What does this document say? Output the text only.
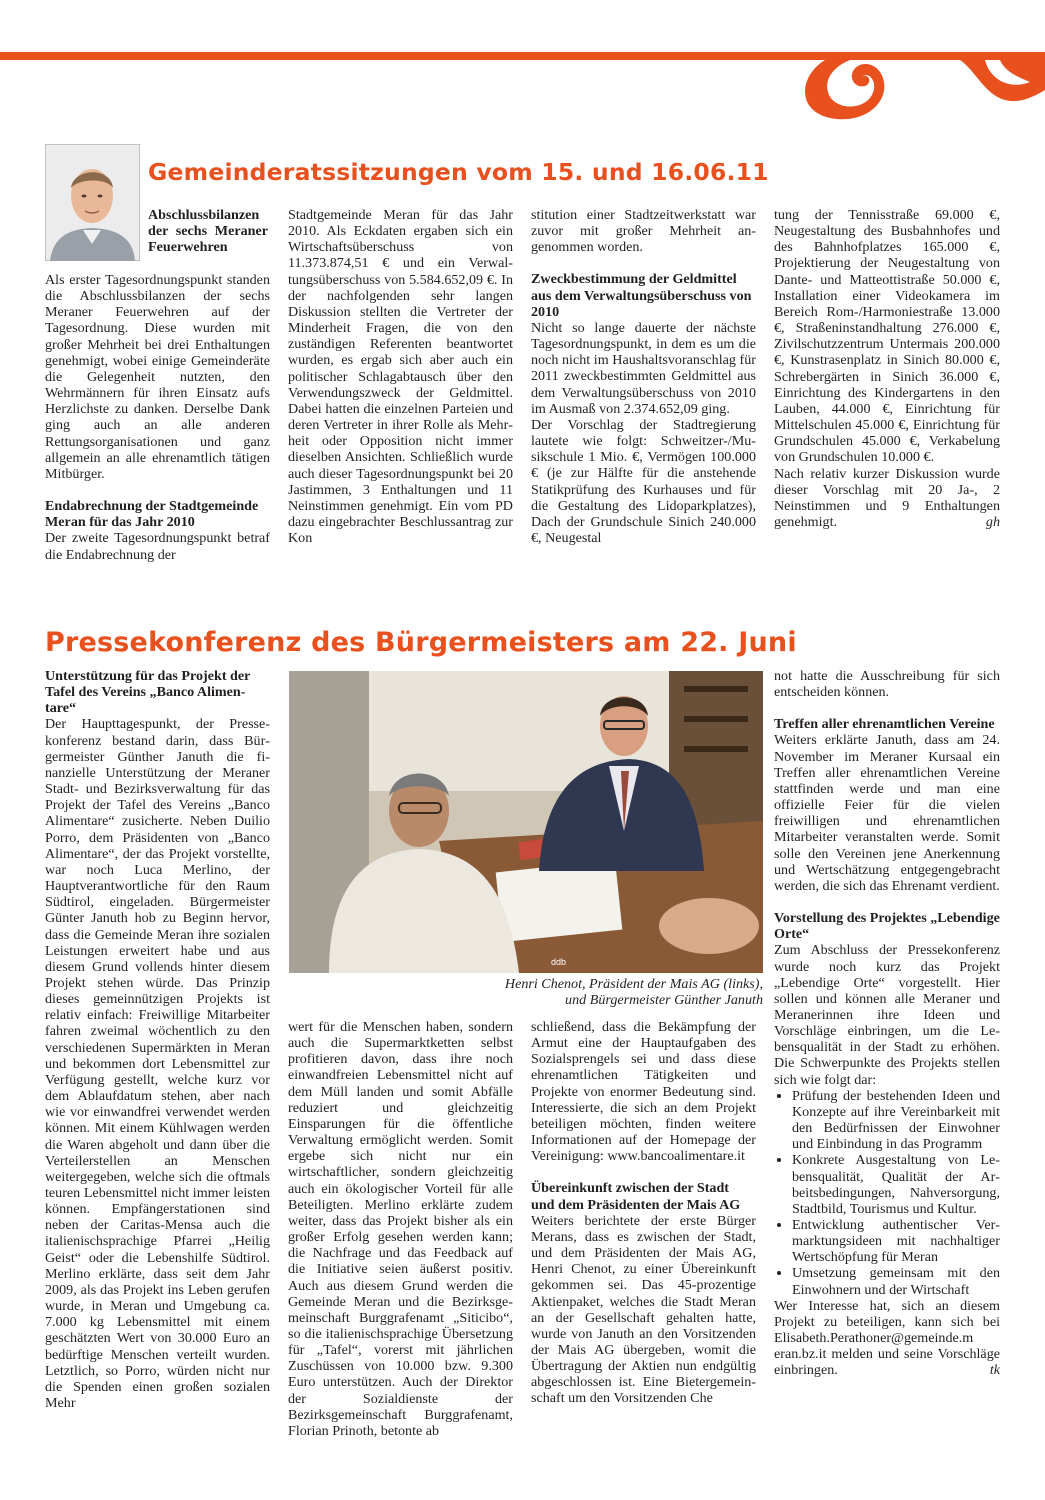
Gemeinderatssitzungen vom 15. und 16.06.11
Abschlussbilanzen der sechs Meraner Feuerwehren

Als erster Tagesordnungspunkt standen die Abschlussbilanzen der sechs Meraner Feuerwehren auf der Tagesordnung. Diese wurden mit großer Mehrheit bei drei Enthaltungen genehmigt, wobei einige Gemeinderäte die Gelegenheit nutzten, den Wehrmännern für ihren Einsatz aufs Herzlichste zu danken. Derselbe Dank ging auch an alle anderen Rettungsorganisationen und ganz allgemein an alle ehrenamtlich tätigen Mitbürger.

Endabrechnung der Stadtgemeinde Meran für das Jahr 2010

Der zweite Tagesordnungspunkt betraf die Endabrechnung der

Stadtgemeinde Meran für das Jahr 2010. Als Eckdaten ergaben sich ein Wirtschaftsüberschuss von 11.373.874,51 € und ein Verwaltungsüberschuss von 5.584.652,09 €. In der nachfolgenden sehr langen Diskussion stellten die Vertreter der Minderheit Fragen, die von den zuständigen Referenten beantwortet wurden, es ergab sich aber auch ein politischer Schlagabtausch über den Verwendungszweck der Geldmittel. Dabei hatten die einzelnen Parteien und deren Vertreter in ihrer Rolle als Mehrheit oder Opposition nicht immer dieselben Ansichten. Schließlich wurde auch dieser Tagesordnungspunkt bei 20 Jastimmen, 3 Enthaltungen und 11 Neinstimmen genehmigt. Ein vom PD dazu eingebrachter Beschlussantrag zur Kon

stitution einer Stadtzeitwerkstatt war zuvor mit großer Mehrheit angenommen worden.

Zweckbestimmung der Geldmittel aus dem Verwaltungsüberschuss von 2010

Nicht so lange dauerte der nächste Tagesordnungspunkt, in dem es um die noch nicht im Haushaltsvoranschlag für 2011 zweckbestimmten Geldmittel aus dem Verwaltungsüberschuss von 2010 im Ausmaß von 2.374.652,09 ging.

Der Vorschlag der Stadtregierung lautete wie folgt: Schweitzer-/Musikschule 1 Mio. €, Vermögen 100.000 € (je zur Hälfte für die anstehende Statikprüfung des Kurhauses und für die Gestaltung des Lidoparkplatzes), Dach der Grundschule Sinich 240.000 €, Neugestal

tung der Tennisstraße 69.000 €, Neugestaltung des Busbahnhofes und des Bahnhofplatzes 165.000 €, Projektierung der Neugestaltung von Dante- und Matteottistraße 50.000 €, Installation einer Videokamera im Bereich Rom-/Harmoniestraße 13.000 €, Straßeninstandhaltung 276.000 €, Zivilschutzzentrum Untermais 200.000 €, Kunstrasenplatz in Sinich 80.000 €, Schrebergärten in Sinich 36.000 €, Einrichtung des Kindergartens in den Lauben, 44.000 €, Einrichtung für Mittelschulen 45.000 €, Einrichtung für Grundschulen 45.000 €, Verkabelung von Grundschulen 10.000 €.

Nach relativ kurzer Diskussion wurde dieser Vorschlag mit 20 Ja-, 2 Neinstimmen und 9 Enthaltungen genehmigt.	gh

Pressekonferenz des Bürgermeisters am 22. Juni
Unterstützung für das Projekt der Tafel des Vereins „Banco Alimentare“

Der Haupttagespunkt, der Pressekonferenz bestand darin, dass Bürgermeister Günther Januth die finanzielle Unterstützung der Meraner Stadt- und Bezirksverwaltung für das Projekt der Tafel des Vereins „Banco Alimentare“ zusicherte. Neben Duilio Porro, dem Präsidenten von „Banco Alimentare“, der das Projekt vorstellte, war noch Luca Merlino, der Hauptverantwortliche für den Raum Südtirol, eingeladen. Bürgermeister Günter Januth hob zu Beginn hervor, dass die Gemeinde Meran ihre sozialen Leistungen erweitert habe und aus diesem Grund vollends hinter diesem Projekt stehen würde. Das Prinzip dieses gemeinnützigen Projekts ist relativ einfach: Freiwillige Mitarbeiter fahren zweimal wöchentlich zu den verschiedenen Supermärkten in Meran und bekommen dort Lebensmittel zur Verfügung gestellt, welche kurz vor dem Ablaufdatum stehen, aber nach wie vor einwandfrei verwendet werden können. Mit einem Kühlwagen werden die Waren abgeholt und dann über die Verteilerstellen an Menschen weitergegeben, welche sich die oftmals teuren Lebensmittel nicht immer leisten können. Empfängerstationen sind neben der Caritas-Mensa auch die italienischsprachige Pfarrei „Heilig Geist“ oder die Lebenshilfe Südtirol. Merlino erklärte, dass seit dem Jahr 2009, als das Projekt ins Leben gerufen wurde, in Meran und Umgebung ca. 7.000 kg Lebensmittel mit einem geschätzten Wert von 30.000 Euro an bedürftige Menschen verteilt wurden. Letztlich, so Porro, würden nicht nur die Spenden einen großen sozialen Mehr

ddb
Henri Chenot, Präsident der Mais AG (links),
und Bürgermeister Günther Januth

wert für die Menschen haben, sondern auch die Supermarktketten selbst profitieren davon, dass ihre noch einwandfreien Lebensmittel nicht auf dem Müll landen und somit Abfälle reduziert und gleichzeitig Einsparungen für die öffentliche Verwaltung ermöglicht werden. Somit ergebe sich nicht nur ein wirtschaftlicher, sondern gleichzeitig auch ein ökologischer Vorteil für alle Beteiligten. Merlino erklärte zudem weiter, dass das Projekt bisher als ein großer Erfolg gesehen werden kann; die Nachfrage und das Feedback auf die Initiative seien äußerst positiv. Auch aus diesem Grund werden die Gemeinde Meran und die Bezirksgemeinschaft Burggrafenamt „Siticibo“, so die italienischsprachige Übersetzung für „Tafel“, vorerst mit jährlichen Zuschüssen von 10.000 bzw. 9.300 Euro unterstützen. Auch der Direktor der Sozialdienste der Bezirksgemeinschaft Burggrafenamt, Florian Prinoth, betonte ab

schließend, dass die Bekämpfung der Armut eine der Hauptaufgaben des Sozialsprengels sei und dass diese ehrenamtlichen Tätigkeiten und Projekte von enormer Bedeutung sind. Interessierte, die sich an dem Projekt beteiligen möchten, finden weitere Informationen auf der Homepage der Vereinigung: www.bancoalimentare.it

Übereinkunft zwischen der Stadt und dem Präsidenten der Mais AG

Weiters berichtete der erste Bürger Merans, dass es zwischen der Stadt, und dem Präsidenten der Mais AG, Henri Chenot, zu einer Übereinkunft gekommen sei. Das 45-prozentige Aktienpaket, welches die Stadt Meran an der Gesellschaft gehalten hatte, wurde von Januth an den Vorsitzenden der Mais AG übergeben, womit die Übertragung der Aktien nun endgültig abgeschlossen ist. Eine Bietergemeinschaft um den Vorsitzenden Che

not hatte die Ausschreibung für sich entscheiden können.

Treffen aller ehrenamtlichen Vereine

Weiters erklärte Januth, dass am 24. November im Meraner Kursaal ein Treffen aller ehrenamtlichen Vereine stattfinden werde und man eine offizielle Feier für die vielen freiwilligen und ehrenamtlichen Mitarbeiter veranstalten werde. Somit solle den Vereinen jene Anerkennung und Wertschätzung entgegengebracht werden, die sich das Ehrenamt verdient.

Vorstellung des Projektes „Lebendige Orte“

Zum Abschluss der Pressekonferenz wurde noch kurz das Projekt „Lebendige Orte“ vorgestellt. Hier sollen und können alle Meraner und Meranerinnen ihre Ideen und Vorschläge einbringen, um die Lebensqualität in der Stadt zu erhöhen. Die Schwerpunkte des Projekts stellen sich wie folgt dar:

• Prüfung der bestehenden Ideen und Konzepte auf ihre Vereinbarkeit mit den Bedürfnissen der Einwohner und Einbindung in das Programm
• Konkrete Ausgestaltung von Lebensqualität, Qualität der Arbeitsbedingungen, Nahversorgung, Stadtbild, Tourismus und Kultur.
• Entwicklung authentischer Vermarktungsideen mit nachhaltiger Wertschöpfung für Meran
• Umsetzung gemeinsam mit den Einwohnern und der Wirtschaft

Wer Interesse hat, sich an diesem Projekt zu beteiligen, kann sich bei Elisabeth.Perathoner@gemeinde.m eran.bz.it melden und seine Vorschläge einbringen.	tk
